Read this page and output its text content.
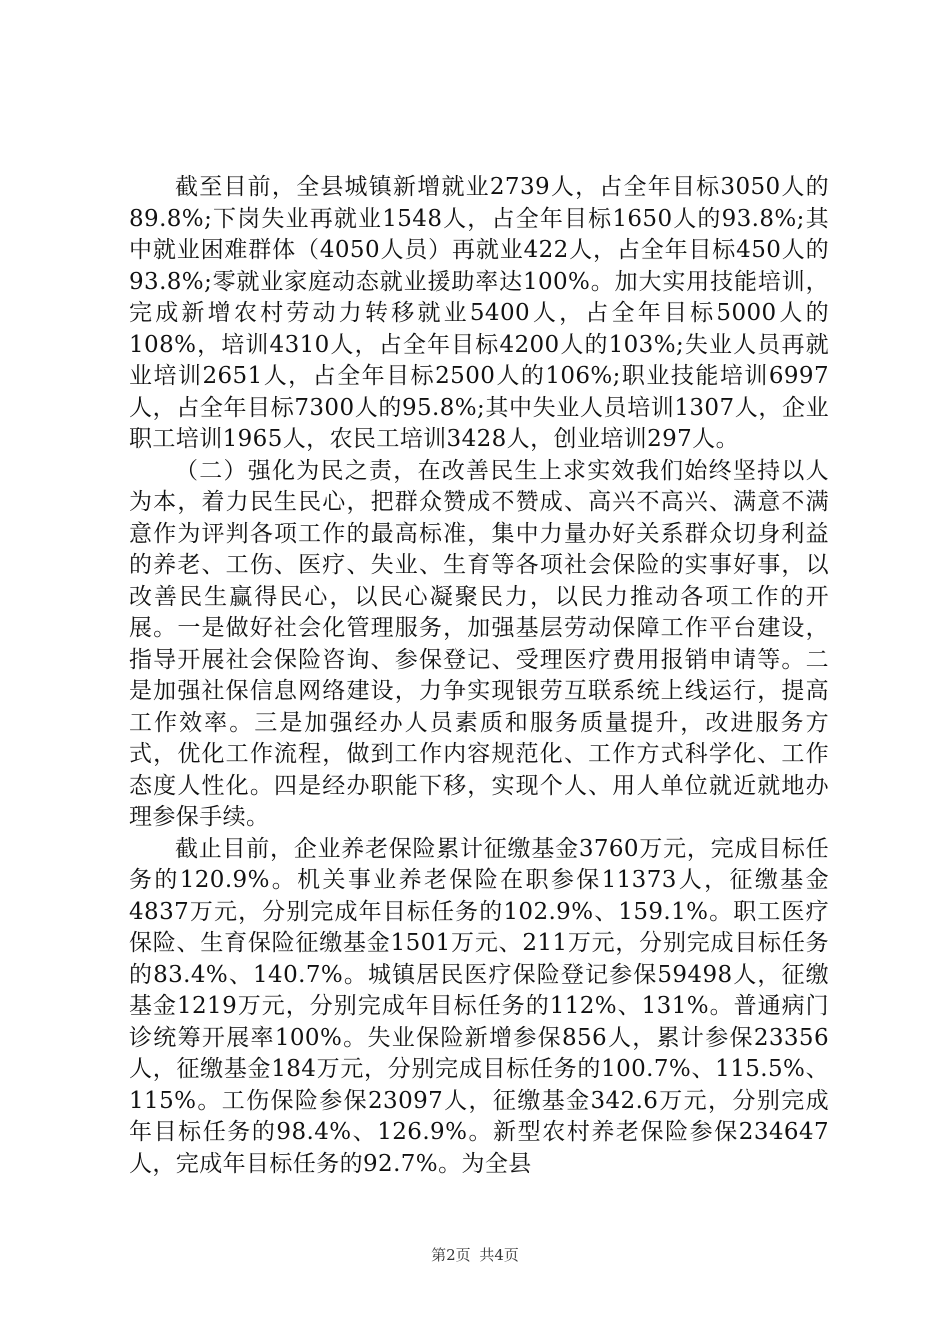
截至目前，全县城镇新增就业2739人，占全年目标3050人的89.8%;下岗失业再就业1548人，占全年目标1650人的93.8%;其中就业困难群体（4050人员）再就业422人，占全年目标450人的93.8%;零就业家庭动态就业援助率达100%。加大实用技能培训，完成新增农村劳动力转移就业5400人，占全年目标5000人的108%，培训4310人，占全年目标4200人的103%;失业人员再就业培训2651人，占全年目标2500人的106%;职业技能培训6997人，占全年目标7300人的95.8%;其中失业人员培训1307人，企业职工培训1965人，农民工培训3428人，创业培训297人。

（二）强化为民之责，在改善民生上求实效我们始终坚持以人为本，着力民生民心，把群众赞成不赞成、高兴不高兴、满意不满意作为评判各项工作的最高标准，集中力量办好关系群众切身利益的养老、工伤、医疗、失业、生育等各项社会保险的实事好事，以改善民生赢得民心，以民心凝聚民力，以民力推动各项工作的开展。一是做好社会化管理服务，加强基层劳动保障工作平台建设，指导开展社会保险咨询、参保登记、受理医疗费用报销申请等。二是加强社保信息网络建设，力争实现银劳互联系统上线运行，提高工作效率。三是加强经办人员素质和服务质量提升，改进服务方式，优化工作流程，做到工作内容规范化、工作方式科学化、工作态度人性化。四是经办职能下移，实现个人、用人单位就近就地办理参保手续。

截止目前，企业养老保险累计征缴基金3760万元，完成目标任务的120.9%。机关事业养老保险在职参保11373人，征缴基金4837万元，分别完成年目标任务的102.9%、159.1%。职工医疗保险、生育保险征缴基金1501万元、211万元，分别完成目标任务的83.4%、140.7%。城镇居民医疗保险登记参保59498人，征缴基金1219万元，分别完成年目标任务的112%、131%。普通病门诊统筹开展率100%。失业保险新增参保856人，累计参保23356人，征缴基金184万元，分别完成目标任务的100.7%、115.5%、115%。工伤保险参保23097人，征缴基金342.6万元，分别完成年目标任务的98.4%、126.9%。新型农村养老保险参保234647人，完成年目标任务的92.7%。为全县

第2页 共4页
